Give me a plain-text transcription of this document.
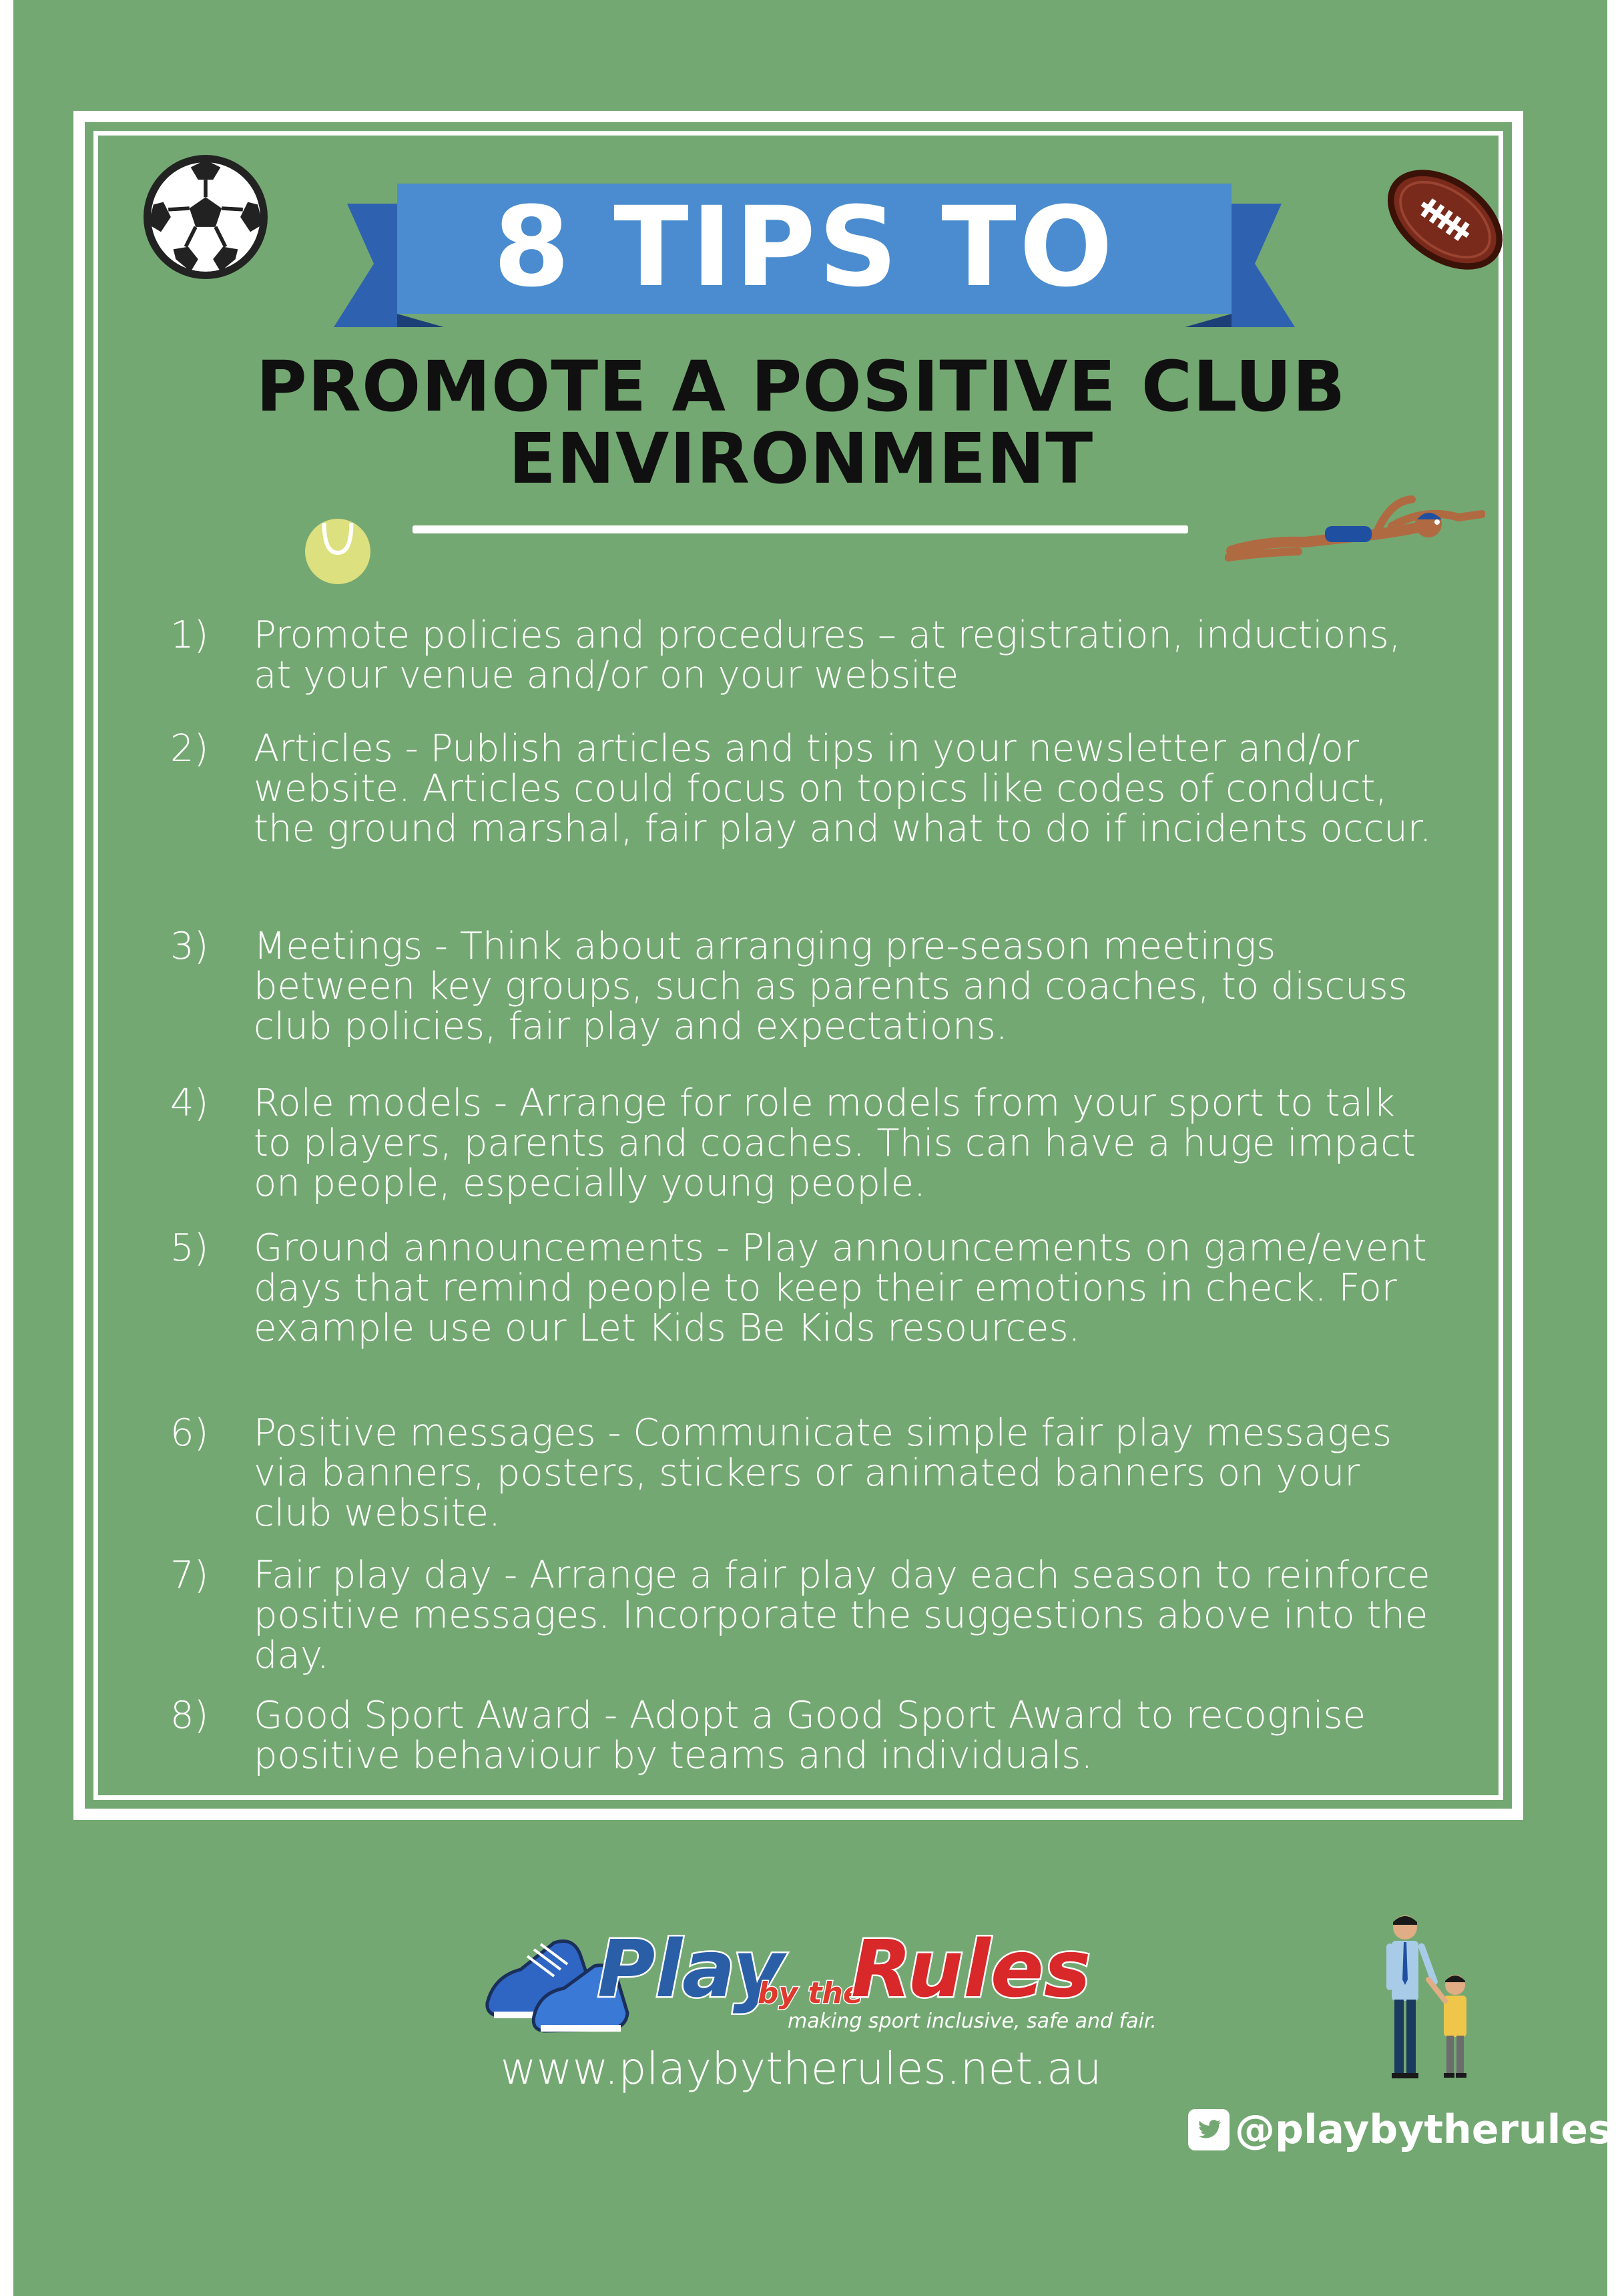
8 TIPS TO
PROMOTE A POSITIVE CLUB
ENVIRONMENT
1)	Promote policies and procedures – at registration, inductions, at your venue and/or on your website

2)	Articles - Publish articles and tips in your newsletter and/or website. Articles could focus on topics like codes of conduct, the ground marshal, fair play and what to do if incidents occur.

3)	Meetings - Think about arranging pre-season meetings between key groups, such as parents and coaches, to discuss club policies, fair play and expectations.

4)	Role models - Arrange for role models from your sport to talk to players, parents and coaches. This can have a huge impact on people, especially young people.

5)	Ground announcements - Play announcements on game/event days that remind people to keep their emotions in check. For example use our Let Kids Be Kids resources.

6)	Positive messages - Communicate simple fair play messages via banners, posters, stickers or animated banners on your club website.

7)	Fair play day - Arrange a fair play day each season to reinforce positive messages. Incorporate the suggestions above into the day.

8)	Good Sport Award - Adopt a Good Sport Award to recognise positive behaviour by teams and individuals.

Play
by the
Rules
making sport inclusive, safe and fair.
www.playbytherules.net.au
@playbytherules
